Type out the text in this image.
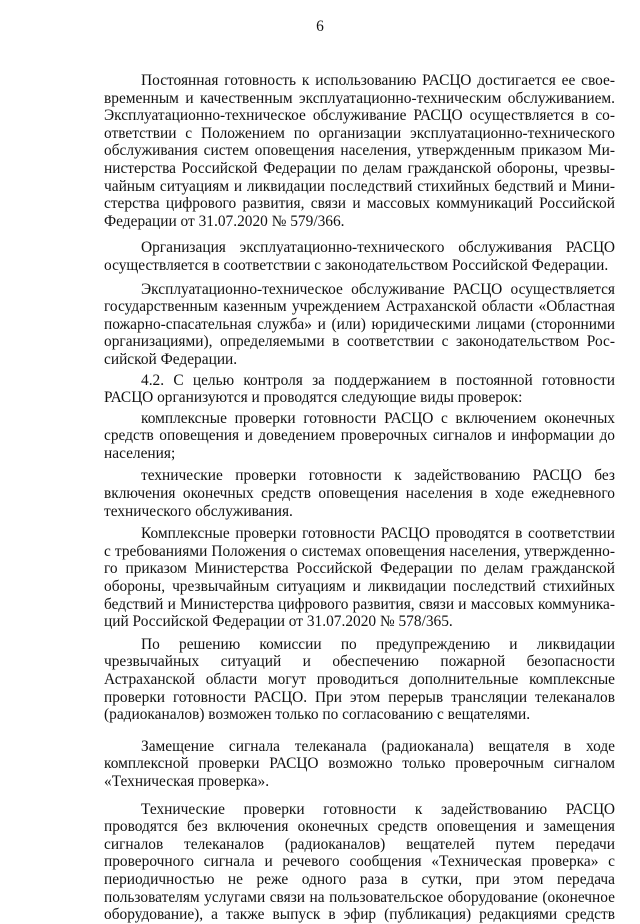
6
Постоянная готовность к использованию РАСЦО достигается ее свое-
временным и качественным эксплуатационно-техническим обслуживанием.
Эксплуатационно-техническое обслуживание РАСЦО осуществляется в со-
ответствии с Положением по организации эксплуатационно-технического
обслуживания систем оповещения населения, утвержденным приказом Ми-
нистерства Российской Федерации по делам гражданской обороны, чрезвы-
чайным ситуациям и ликвидации последствий стихийных бедствий и Мини-
стерства цифрового развития, связи и массовых коммуникаций Российской
Федерации от 31.07.2020 № 579/366.
Организация эксплуатационно-технического обслуживания РАСЦО
осуществляется в соответствии с законодательством Российской Федерации.
Эксплуатационно-техническое обслуживание РАСЦО осуществляется
государственным казенным учреждением Астраханской области «Областная
пожарно-спасательная служба» и (или) юридическими лицами (сторонними
организациями), определяемыми в соответствии с законодательством Рос-
сийской Федерации.
4.2. С целью контроля за поддержанием в постоянной готовности
РАСЦО организуются и проводятся следующие виды проверок:
комплексные проверки готовности РАСЦО с включением оконечных
средств оповещения и доведением проверочных сигналов и информации до
населения;
технические проверки готовности к задействованию РАСЦО без
включения оконечных средств оповещения населения в ходе ежедневного
технического обслуживания.
Комплексные проверки готовности РАСЦО проводятся в соответствии
с требованиями Положения о системах оповещения населения, утвержденно-
го приказом Министерства Российской Федерации по делам гражданской
обороны, чрезвычайным ситуациям и ликвидации последствий стихийных
бедствий и Министерства цифрового развития, связи и массовых коммуника-
ций Российской Федерации от 31.07.2020 № 578/365.
По решению комиссии по предупреждению и ликвидации
чрезвычайных ситуаций и обеспечению пожарной безопасности
Астраханской области могут проводиться дополнительные комплексные
проверки готовности РАСЦО. При этом перерыв трансляции телеканалов
(радиоканалов) возможен только по согласованию с вещателями.
Замещение сигнала телеканала (радиоканала) вещателя в ходе
комплексной проверки РАСЦО возможно только проверочным сигналом
«Техническая проверка».
Технические проверки готовности к задействованию РАСЦО
проводятся без включения оконечных средств оповещения и замещения
сигналов телеканалов (радиоканалов) вещателей путем передачи
проверочного сигнала и речевого сообщения «Техническая проверка» с
периодичностью не реже одного раза в сутки, при этом передача
пользователям услугами связи на пользовательское оборудование (оконечное
оборудование), а также выпуск в эфир (публикация) редакциями средств
